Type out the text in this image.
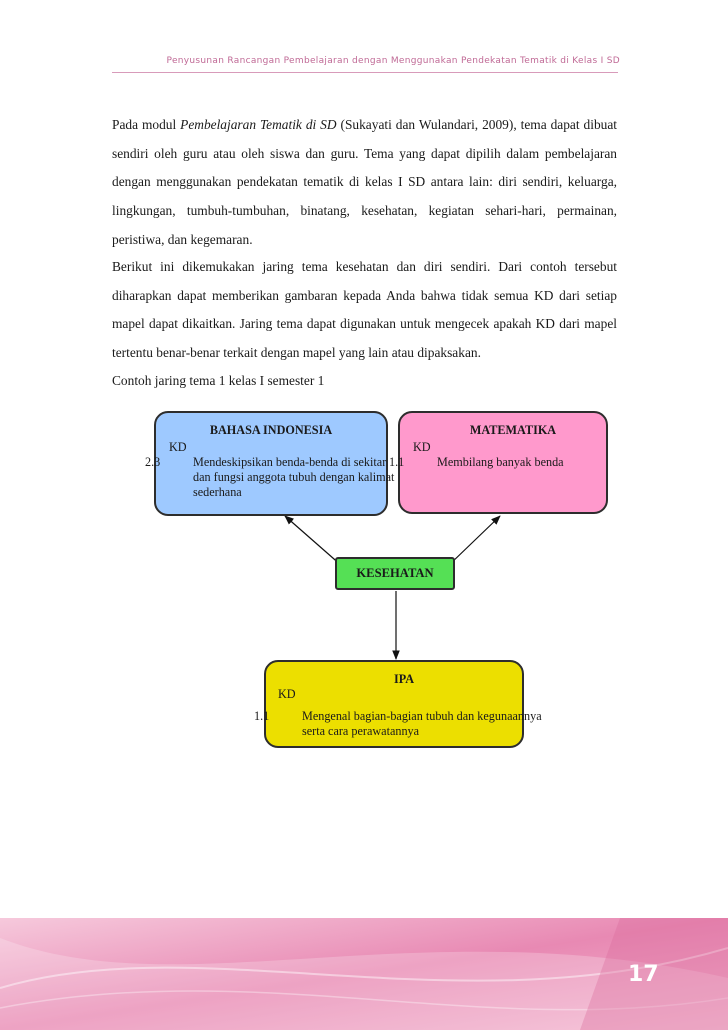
Penyusunan Rancangan Pembelajaran dengan Menggunakan Pendekatan Tematik di Kelas I SD

Pada modul Pembelajaran Tematik di SD (Sukayati dan Wulandari, 2009), tema dapat dibuat sendiri oleh guru atau oleh siswa dan guru. Tema yang dapat dipilih dalam pembelajaran dengan menggunakan pendekatan tematik di kelas I SD antara lain: diri sendiri, keluarga, lingkungan, tumbuh-tumbuhan, binatang, kesehatan, kegiatan sehari-hari, permainan, peristiwa, dan kegemaran.

Berikut ini dikemukakan jaring tema kesehatan dan diri sendiri. Dari contoh tersebut diharapkan dapat memberikan gambaran kepada Anda bahwa tidak semua KD dari setiap mapel dapat dikaitkan. Jaring tema dapat digunakan untuk mengecek apakah KD dari mapel tertentu benar-benar terkait dengan mapel yang lain atau dipaksakan.

Contoh jaring tema 1 kelas I semester 1

BAHASA INDONESIA
KD
2.3	Mendeskipsikan benda-benda di sekitar dan fungsi anggota tubuh dengan kalimat sederhana
MATEMATIKA
KD
1.1	Membilang banyak benda
KESEHATAN
IPA
KD
1.1	Mengenal bagian-bagian tubuh dan kegunaannya serta cara perawatannya
17
